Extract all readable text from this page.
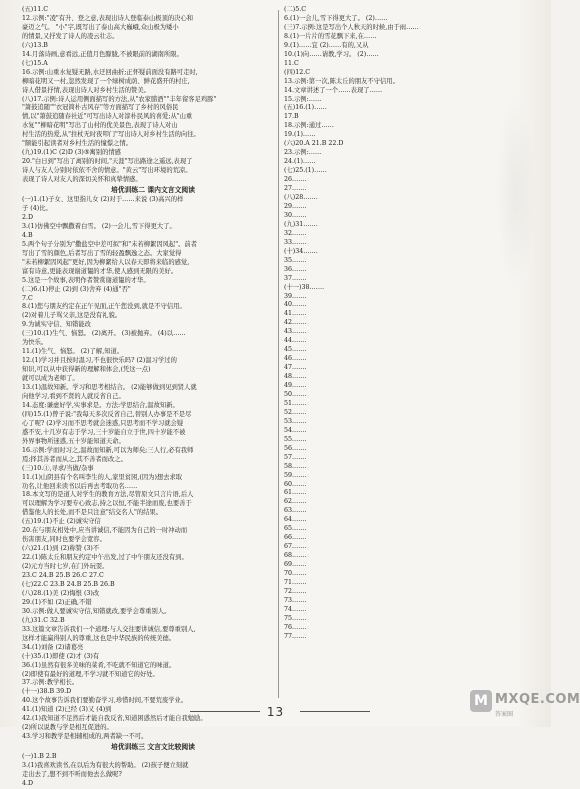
(五)11.C
12.示例:"凌"有升、登之意,表现出诗人登临泰山极顶的决心和
豪迈之气。 "小"字,既写出了泰山高大巍峨,众山极为矮小
的情景,又抒发了诗人的凌云壮志。
(六)13.B
14.月落诗画,意看远,正值月色朦胧,不被眼前的湖南所限。
(七)15.A
16.示例:山重水复疑无路,水迂回曲折;正怀疑前面没有路可走时,
柳暗花明又一村,忽然发现了一个绿树成荫、鲜花盛开的村庄,
诗人借景抒情,表现出诗人对乡村生活的赞美。
(八)17.示例:诗人运用侧面描写的方法,从"农家腊酒""丰年留客足鸡豚"
"箫鼓追随""衣冠简朴古风存"等方面描写了乡村的风俗民
情,以"箫鼓追随春社近"可写出诗人对淳朴民风的喜爱;从"山重
水复""柳暗花明"写出了山村的优美景色,表现了诗人对山
村生活的热爱,从"拄杖无时夜叩门"写出诗人对乡村生活的向往。
"颇能引起读者对乡村生活的憧憬之情。
(九)19.(1)C (2)D (3)⑤寓别的情感
20."白日到"写出了离别的时间,"天涯"写出路途之遥远,表现了
诗人与友人分别时依依不舍的情意。"黄云"写出环境的荒凉。
表现了诗人对友人的深切关怀和真挚情感。
培优训练二 课内文言文阅读
(一)1.(1)子女、这里指儿女 (2)对于……来说 (3)高兴的样
子 (4)比。
2.D
3.(1)仿佛空中飘撒着白雪。 (2)一会儿,雪下得更大了。
4.B
5.两个句子分别为"撒盐空中差可拟"和"未若柳絮因风起"。前者
写出了雪的颜色,后者写出了雪的轻盈飘逸之态。大家觉得
"未若柳絮因风起"更好,因为柳絮给人以春天即将来临的感觉,
富有诗意,更能表现谢道韫的才华,使人感到无限的美好。
5.这是一个故事,表明作者赞赏谢道韫的才华。
(二)6.(1)停止 (2)到 (3)舍弃 (4)通"否"
7.C
8.(1)您与朋友约定在正午见面,正午您没到,就是不守信用。
(2)对着儿子骂父亲,这是没有礼貌。
9.为诚实守信、知错能改
(三)10.(1)生气、恼怒。 (2)离开。 (3)被抛弃。 (4)以……
为快乐。
11.(1)生气、恼怒。 (2)了解,知道。
12.(1)学习并且按时温习,不也很快乐吗? (2)温习学过的
知识,可以从中获得新的理解和体会,(凭这一点)
就可以成为老师了。
13.(1)温故知新。学习和思考相结合。 (2)能够做到见到贤人就
向他学习,看到不贤的人就反省自己。
14.态度:谦虚好学,实事求是。方法:学思结合,温故知新。
(四)15.(1)曾子说:"我每天多次反省自己,替别人办事是不是尽
心了呢? (2)学习而不思考就会迷惑,只思考而不学习就会疑
惑不安,十几岁有志于学习,三十岁能自立于世,四十岁能不被
外界事物所迷惑,五十岁能知道天命。
16.示例:学而时习之,温故而知新,可以为师矣;三人行,必有我师
焉;择其善者而从之,其不善者而改之。
(三)10.①,寻求/当做/杂事
11.(1)山阴县有个名叫李生的人,家里贫困,(因为)想去求取
功名,让他回来读书以后再去考取功名……
18.本文写的是道人对学生的教育方法,尽管原文只言片语,后人
可以理解为学习要专心致志,持之以恒,不能半途而废,也要善于
借鉴他人的长处,而不是只注意"结交名人"的结果。
(五)19.(1)不止 (2)诚实守信
20.在与朋友相处中,应当讲诚信,不能因为自己的一时冲动而
伤害朋友,同时也要学会宽容。
(六)21.(1)到 (2)称赞 (3)不
22.(1)陈太丘和朋友约定中午出发,过了中午朋友还没有到。
(2)元方当时七岁,在门外玩耍。
23.C 24.B 25.B 26.C 27.C
(七)22.C 23.B 24.B 25.B 26.B
(八)28.(1)美 (2)悔恨 (3)改
29.(1)不如 (2)正确,不错
30.示例:做人要诚实守信,知错就改,要学会尊重别人。
(九)31.C 32.B
33.这篇文章告诉我们一个道理:与人交往要讲诚信,要尊重别人,
这样才能赢得别人的尊重,这也是中华民族的传统美德。
34.(1)刘备 (2)诸葛亮
(十)35.(1)即使 (2)才 (3)有
36.(1)虽然有很多美味的菜肴,不吃就不知道它的味道。
(2)即使有最好的道理,不学习就不知道它的好处。
37.示例:教学相长。
(十一)38.B 39.D
40.这个故事告诉我们要勤奋学习,珍惜时间,不要荒废学业。
41.(1)知道 (2)已经 (3)又 (4)到
42.(1)我知道不足然后才能自我反省,知道困惑然后才能自我勉励。
(2)所以说教与学是相互促进的。
43.学习和教学是相辅相成的,两者缺一不可。
培优训练三 文言文比较阅读
(一)1.B 2.B
3.(1)我喜欢读书,在以后为有很大的帮助。 (2)孩子便立刻就
走出去了,想不到不听而他去么做呢?
4.D
(二)5.C
6.(1)一会儿,雪下得更大了。 (2)……
(三)7.示例:这是写出个人秋天的时候,由于雨……
8.(1)一片片的雪花飘下来,在……
9.(1)……宜 (2)……有的,又从
10.(1)向……请教,学习。 (2)……
11.C
(四)12.C
13.示例:第一次,陈太丘的朋友不守信用。
14.文章讲述了一个……表现了……
15.示例:……
(五)16.(1)……
17.B
18.示例:通过……
19.(1)……
(六)20.A 21.B 22.D
23.示例:……
24.(1)……
(七)25.(1)……
26.……
27.……
(八)28.……
29.……
30.……
(九)31.……
32.……
33.……
(十)34.……
35.……
36.……
37.……
(十一)38.……
39.……
40.……
41.……
42.……
43.……
44.……
45.……
46.……
47.……
48.……
49.……
50.……
51.……
52.……
53.……
54.……
55.……
56.……
57.……
58.……
59.……
60.……
61.……
62.……
63.……
64.……
65.……
66.……
67.……
68.……
69.……
70.……
71.……
72.……
73.……
74.……
75.……
76.……
77.……
13
M MXQE.COM
答案圈
